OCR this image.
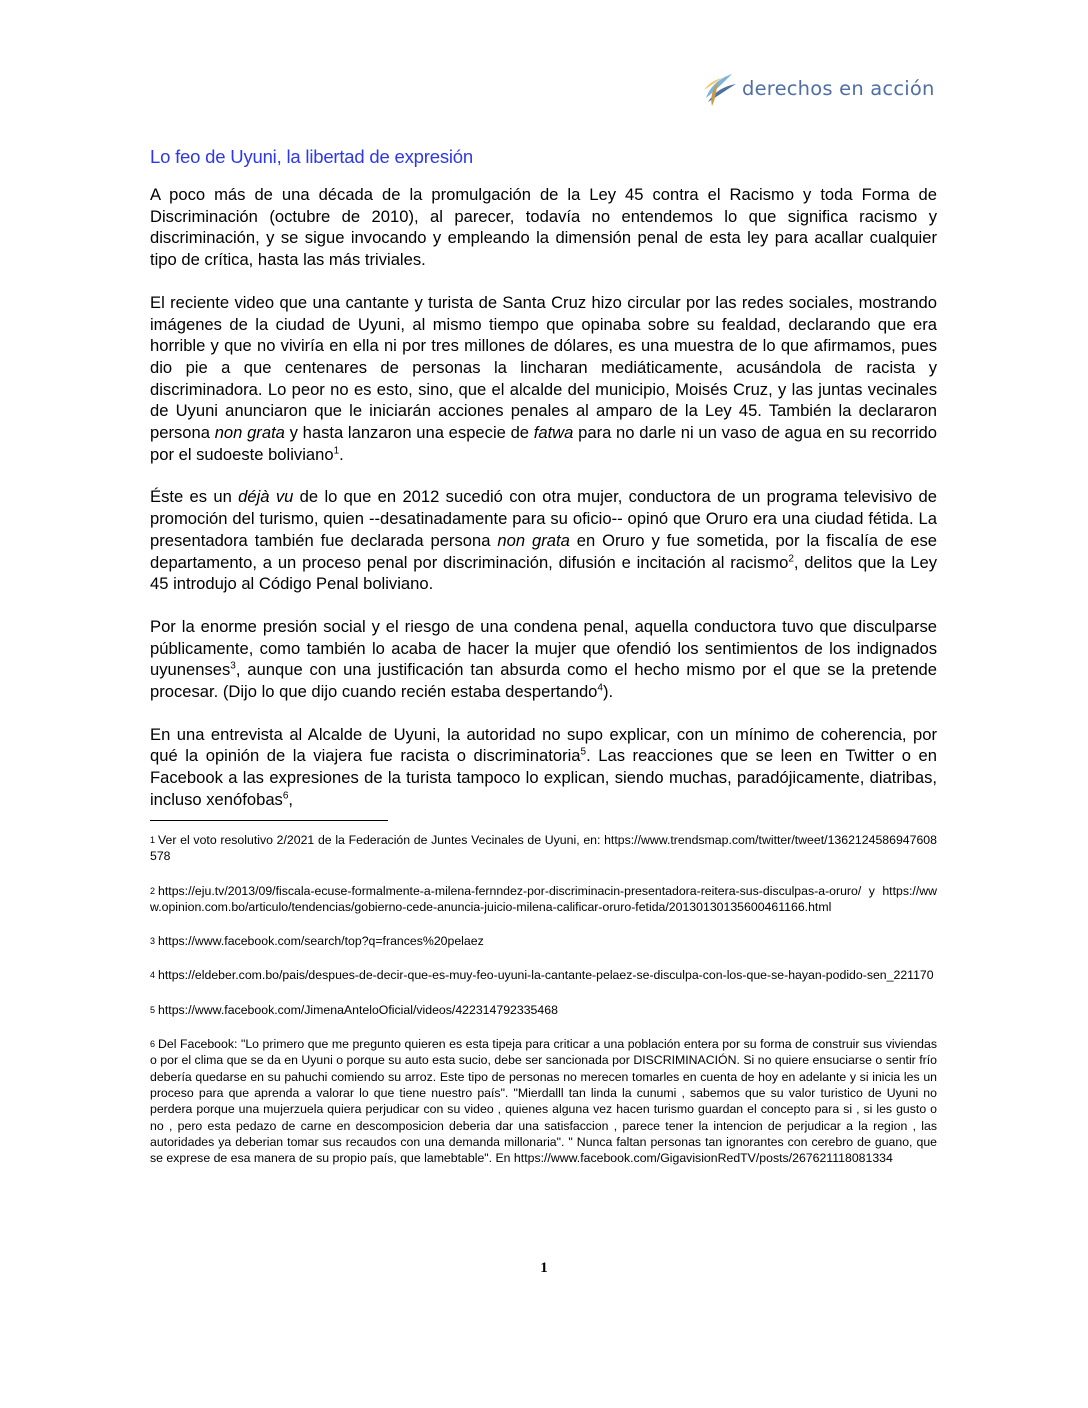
derechos en acción
Lo feo de Uyuni, la libertad de expresión

A poco más de una década de la promulgación de la Ley 45 contra el Racismo y toda Forma de Discriminación (octubre de 2010), al parecer, todavía no entendemos lo que significa racismo y discriminación, y se sigue invocando y empleando la dimensión penal de esta ley para acallar cualquier tipo de crítica, hasta las más triviales.

El reciente video que una cantante y turista de Santa Cruz hizo circular por las redes sociales, mostrando imágenes de la ciudad de Uyuni, al mismo tiempo que opinaba sobre su fealdad, declarando que era horrible y que no viviría en ella ni por tres millones de dólares, es una muestra de lo que afirmamos, pues dio pie a que centenares de personas la lincharan mediáticamente, acusándola de racista y discriminadora. Lo peor no es esto, sino, que el alcalde del municipio, Moisés Cruz, y las juntas vecinales de Uyuni anunciaron que le iniciarán acciones penales al amparo de la Ley 45. También la declararon persona non grata y hasta lanzaron una especie de fatwa para no darle ni un vaso de agua en su recorrido por el sudoeste boliviano$^1$.

Éste es un déjà vu de lo que en 2012 sucedió con otra mujer, conductora de un programa televisivo de promoción del turismo, quien --desatinadamente para su oficio-- opinó que Oruro era una ciudad fétida. La presentadora también fue declarada persona non grata en Oruro y fue sometida, por la fiscalía de ese departamento, a un proceso penal por discriminación, difusión e incitación al racismo$^2$, delitos que la Ley 45 introdujo al Código Penal boliviano.

Por la enorme presión social y el riesgo de una condena penal, aquella conductora tuvo que disculparse públicamente, como también lo acaba de hacer la mujer que ofendió los sentimientos de los indignados uyunenses$^3$, aunque con una justificación tan absurda como el hecho mismo por el que se la pretende procesar. (Dijo lo que dijo cuando recién estaba despertando$^4$).

En una entrevista al Alcalde de Uyuni, la autoridad no supo explicar, con un mínimo de coherencia, por qué la opinión de la viajera fue racista o discriminatoria$^5$. Las reacciones que se leen en Twitter o en Facebook a las expresiones de la turista tampoco lo explican, siendo muchas, paradójicamente, diatribas, incluso xenófobas$^6$,

$^1$ Ver el voto resolutivo 2/2021 de la Federación de Juntes Vecinales de Uyuni, en: https://www.trendsmap.com/twitter/tweet/1362124586947608578

$^2$ https://eju.tv/2013/09/fiscala-ecuse-formalmente-a-milena-fernndez-por-discriminacin-presentadora-reitera-sus-disculpas-a-oruro/ y https://www.opinion.com.bo/articulo/tendencias/gobierno-cede-anuncia-juicio-milena-calificar-oruro-fetida/20130130135600461166.html

$^3$ https://www.facebook.com/search/top?q=frances%20pelaez

$^4$ https://eldeber.com.bo/pais/despues-de-decir-que-es-muy-feo-uyuni-la-cantante-pelaez-se-disculpa-con-los-que-se-hayan-podido-sen_221170

$^5$ https://www.facebook.com/JimenaAnteloOficial/videos/422314792335468

$^6$ Del Facebook: "Lo primero que me pregunto quieren es esta tipeja para criticar a una población entera por su forma de construir sus viviendas o por el clima que se da en Uyuni o porque su auto esta sucio, debe ser sancionada por DISCRIMINACIÓN. Si no quiere ensuciarse o sentir frío debería quedarse en su pahuchi comiendo su arroz. Este tipo de personas no merecen tomarles en cuenta de hoy en adelante y si inicia les un proceso para que aprenda a valorar lo que tiene nuestro país". "Mierdalll tan linda la cunumi , sabemos que su valor turistico de Uyuni no perdera porque una mujerzuela quiera perjudicar con su video , quienes alguna vez hacen turismo guardan el concepto para si , si les gusto o no , pero esta pedazo de carne en descomposicion deberia dar una satisfaccion , parece tener la intencion de perjudicar a la region , las autoridades ya deberian tomar sus recaudos con una demanda millonaria". " Nunca faltan personas tan ignorantes con cerebro de guano, que se exprese de esa manera de su propio país, que lamebtable". En https://www.facebook.com/GigavisionRedTV/posts/267621118081334

1
